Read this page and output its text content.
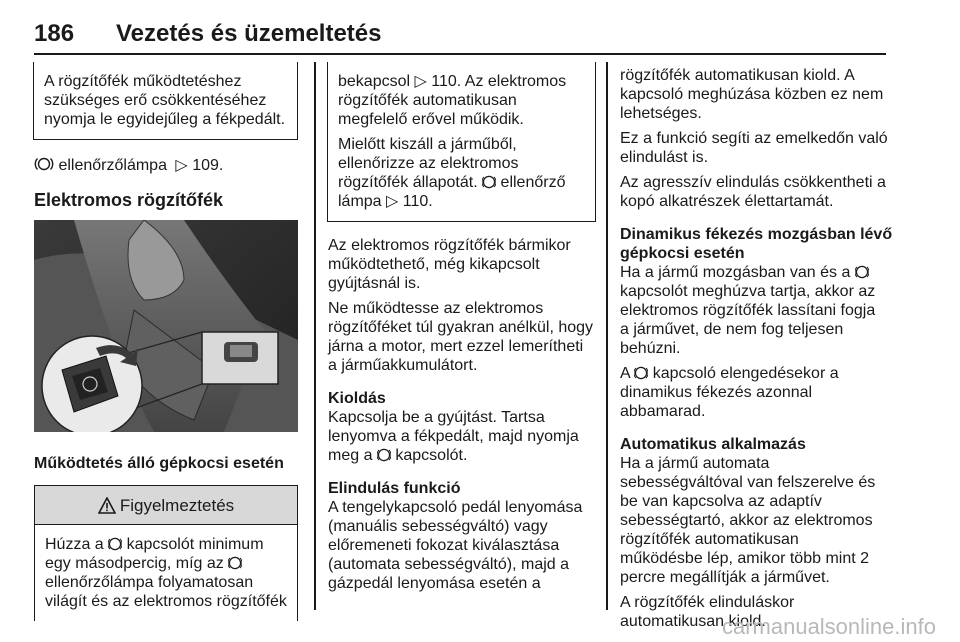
186 Vezetés és üzemeltetés
A rögzítőfék működtetéshez
szükséges erő csökkentéséhez
nyomja le egyidejűleg a fékpedált.

ellenőrzőlámpa ▷ 109.

Elektromos rögzítőfék

Működtetés álló gépkocsi esetén

Figyelmeztetés
Húzza a  kapcsolót minimum
egy másodpercig, míg az
ellenőrzőlámpa folyamatosan
világít és az elektromos rögzítőfék
bekapcsol ▷ 110. Az elektromos
rögzítőfék automatikusan
megfelelő erővel működik.
Mielőtt kiszáll a járműből,
ellenőrizze az elektromos
rögzítőfék állapotát. ellenőrző
lámpa ▷ 110.

Az elektromos rögzítőfék bármikor
működtethető, még kikapcsolt
gyújtásnál is.

Ne működtesse az elektromos
rögzítőféket túl gyakran anélkül, hogy
járna a motor, mert ezzel lemerítheti
a járműakkumulátort.

Kioldás

Kapcsolja be a gyújtást. Tartsa
lenyomva a fékpedált, majd nyomja
meg a kapcsolót.

Elindulás funkció

A tengelykapcsoló pedál lenyomása
(manuális sebességváltó) vagy
előremeneti fokozat kiválasztása
(automata sebességváltó), majd a
gázpedál lenyomása esetén a

rögzítőfék automatikusan kiold. A
kapcsoló meghúzása közben ez nem
lehetséges.

Ez a funkció segíti az emelkedőn való
elindulást is.

Az agresszív elindulás csökkentheti a
kopó alkatrészek élettartamát.

Dinamikus fékezés mozgásban lévő
gépkocsi esetén

Ha a jármű mozgásban van és a
kapcsolót meghúzva tartja, akkor az
elektromos rögzítőfék lassítani fogja
a járművet, de nem fog teljesen
behúzni.

A kapcsoló elengedésekor a
dinamikus fékezés azonnal
abbamarad.

Automatikus alkalmazás

Ha a jármű automata
sebességváltóval van felszerelve és
be van kapcsolva az adaptív
sebességtartó, akkor az elektromos
rögzítőfék automatikusan
működésbe lép, amikor több mint 2
percre megállítják a járművet.

A rögzítőfék elinduláskor
automatikusan kiold.

carmanualsonline.info
